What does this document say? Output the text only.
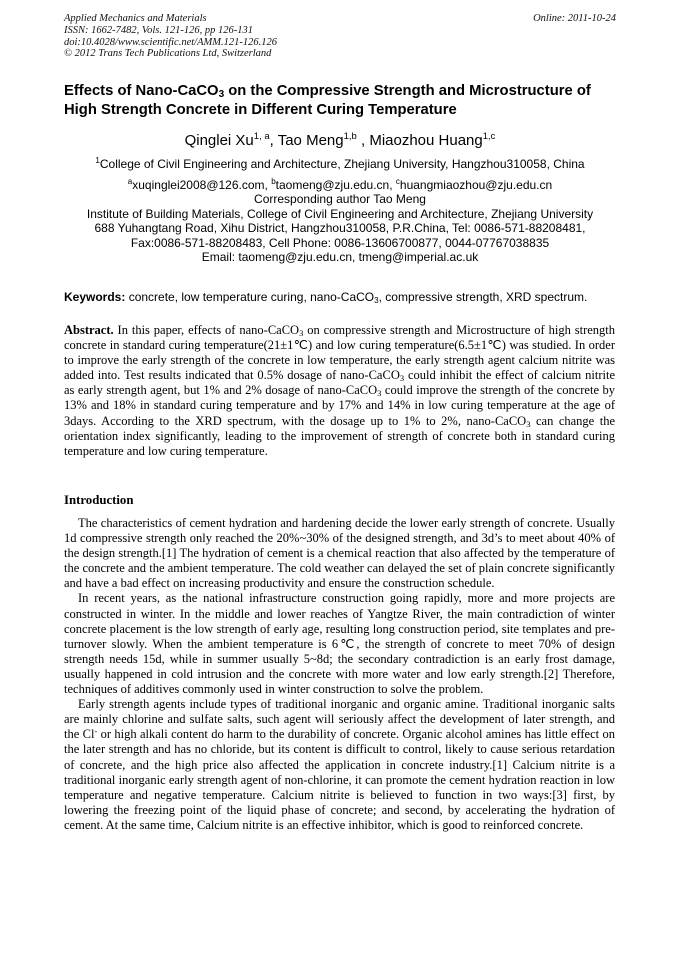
Applied Mechanics and Materials
ISSN: 1662-7482, Vols. 121-126, pp 126-131
doi:10.4028/www.scientific.net/AMM.121-126.126
© 2012 Trans Tech Publications Ltd, Switzerland
Online: 2011-10-24
Effects of Nano-CaCO$_3$ on the Compressive Strength and Microstructure of High Strength Concrete in Different Curing Temperature
Qinglei Xu$^{1, a}$, Tao Meng$^{1,b}$ , Miaozhou Huang$^{1,c}$
$^1$College of Civil Engineering and Architecture, Zhejiang University, Hangzhou310058, China
$^a$xuqinglei2008@126.com, $^b$taomeng@zju.edu.cn, $^c$huangmiaozhou@zju.edu.cn
Corresponding author Tao Meng
Institute of Building Materials, College of Civil Engineering and Architecture, Zhejiang University
688 Yuhangtang Road, Xihu District, Hangzhou310058, P.R.China, Tel: 0086-571-88208481,
Fax:0086-571-88208483, Cell Phone: 0086-13606700877, 0044-07767038835
Email: taomeng@zju.edu.cn, tmeng@imperial.ac.uk
Keywords: concrete, low temperature curing, nano-CaCO$_3$, compressive strength, XRD spectrum.
Abstract. In this paper, effects of nano-CaCO$_3$ on compressive strength and Microstructure of high strength concrete in standard curing temperature(21±1℃) and low curing temperature(6.5±1℃) was studied. In order to improve the early strength of the concrete in low temperature, the early strength agent calcium nitrite was added into. Test results indicated that 0.5% dosage of nano-CaCO$_3$ could inhibit the effect of calcium nitrite as early strength agent, but 1% and 2% dosage of nano-CaCO$_3$ could improve the strength of the concrete by 13% and 18% in standard curing temperature and by 17% and 14% in low curing temperature at the age of 3days. According to the XRD spectrum, with the dosage up to 1% to 2%, nano-CaCO$_3$ can change the orientation index significantly, leading to the improvement of strength of concrete both in standard curing temperature and low curing temperature.
Introduction

The characteristics of cement hydration and hardening decide the lower early strength of concrete. Usually 1d compressive strength only reached the 20%~30% of the designed strength, and 3d’s to meet about 40% of the design strength.[1] The hydration of cement is a chemical reaction that also affected by the temperature of the concrete and the ambient temperature. The cold weather can delayed the set of plain concrete significantly and have a bad effect on increasing productivity and ensure the construction schedule.

In recent years, as the national infrastructure construction going rapidly, more and more projects are constructed in winter. In the middle and lower reaches of Yangtze River, the main contradiction of winter concrete placement is the low strength of early age, resulting long construction period, site templates and pre-turnover slowly. When the ambient temperature is 6℃, the strength of concrete to meet 70% of design strength needs 15d, while in summer usually 5~8d; the secondary contradiction is an early frost damage, usually happened in cold intrusion and the concrete with more water and low early strength.[2] Therefore, techniques of additives commonly used in winter construction to solve the problem.

Early strength agents include types of traditional inorganic and organic amine. Traditional inorganic salts are mainly chlorine and sulfate salts, such agent will seriously affect the development of later strength, and the Cl- or high alkali content do harm to the durability of concrete. Organic alcohol amines has little effect on the later strength and has no chloride, but its content is difficult to control, likely to cause serious retardation of concrete, and the high price also affected the application in concrete industry.[1] Calcium nitrite is a traditional inorganic early strength agent of non-chlorine, it can promote the cement hydration reaction in low temperature and negative temperature. Calcium nitrite is believed to function in two ways:[3] first, by lowering the freezing point of the liquid phase of concrete; and second, by accelerating the hydration of cement. At the same time, Calcium nitrite is an effective inhibitor, which is good to reinforced concrete.
